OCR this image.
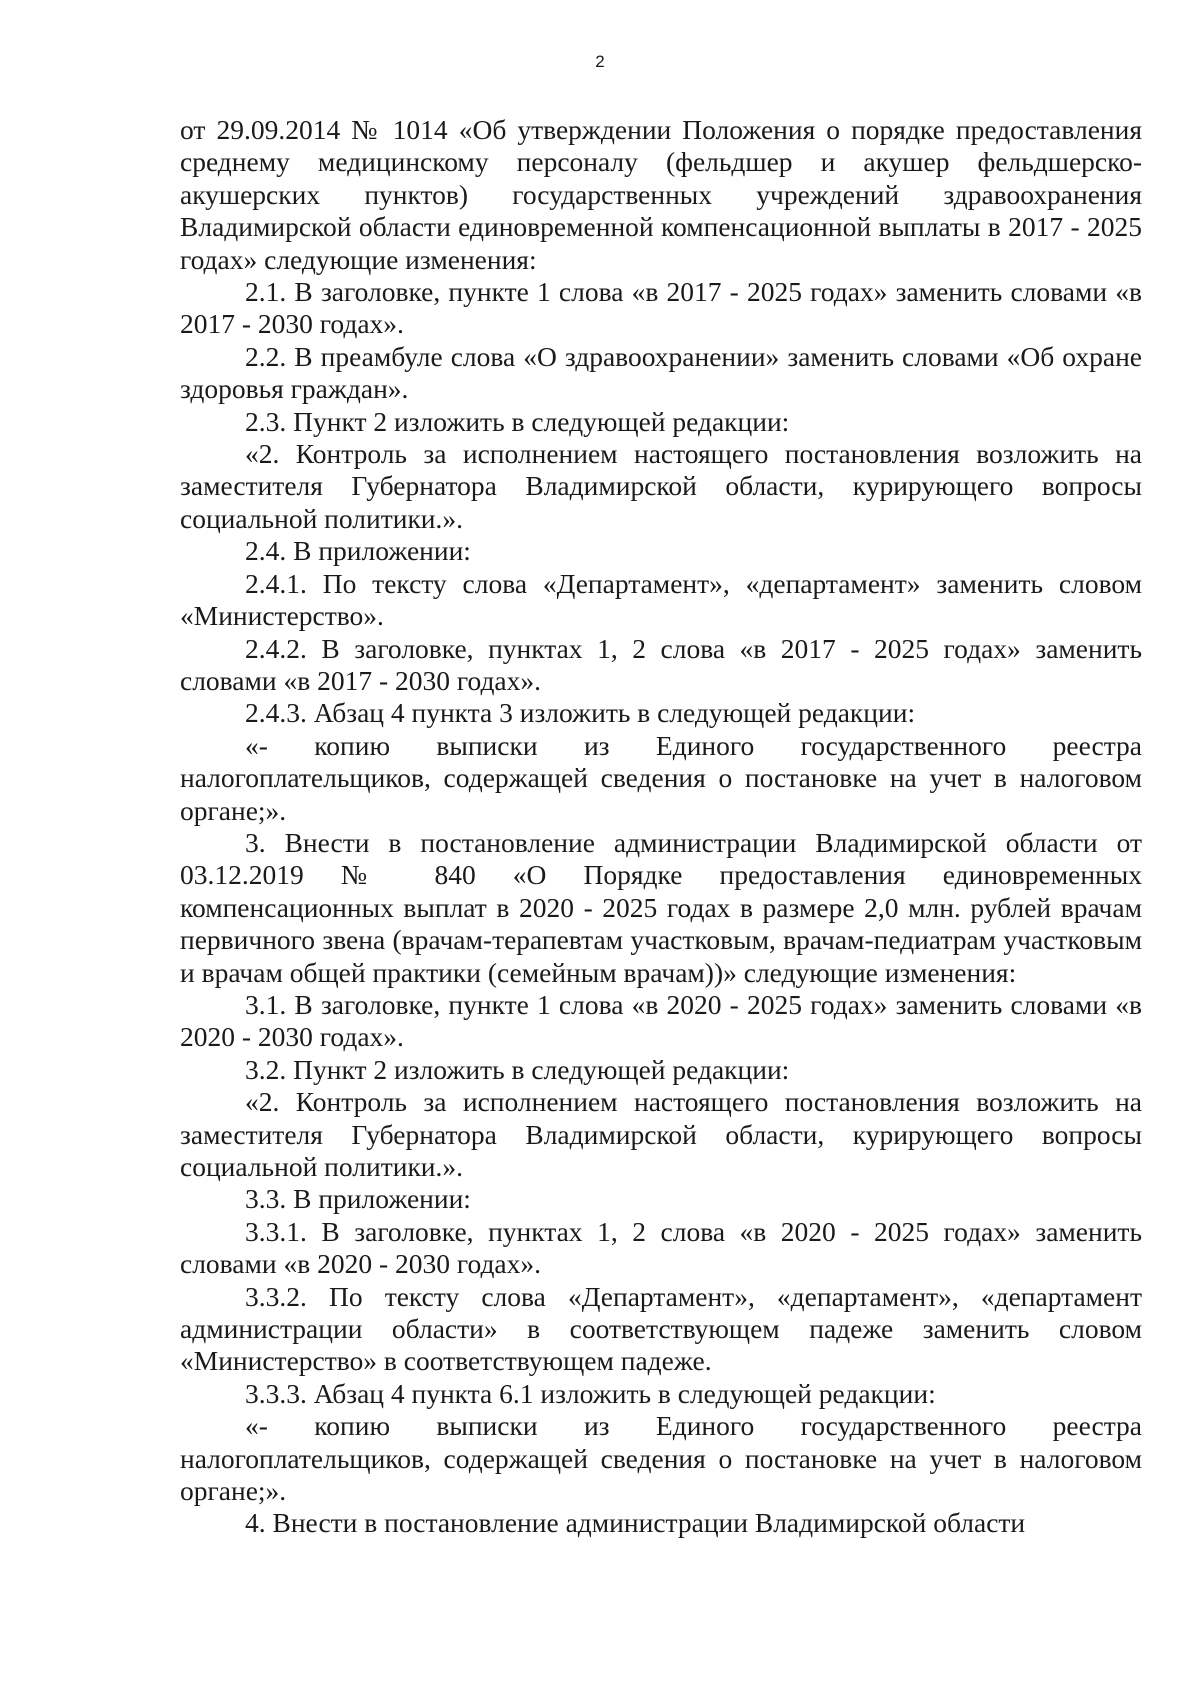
2

от 29.09.2014 № 1014 «Об утверждении Положения о порядке предоставления среднему медицинскому персоналу (фельдшер и акушер фельдшерско-акушерских пунктов) государственных учреждений здравоохранения Владимирской области единовременной компенсационной выплаты в 2017 - 2025 годах» следующие изменения:

2.1. В заголовке, пункте 1 слова «в 2017 - 2025 годах» заменить словами «в 2017 - 2030 годах».

2.2. В преамбуле слова «О здравоохранении» заменить словами «Об охране здоровья граждан».

2.3. Пункт 2 изложить в следующей редакции:

«2. Контроль за исполнением настоящего постановления возложить на заместителя Губернатора Владимирской области, курирующего вопросы социальной политики.».

2.4. В приложении:

2.4.1. По тексту слова «Департамент», «департамент» заменить словом «Министерство».

2.4.2. В заголовке, пунктах 1, 2 слова «в 2017 - 2025 годах» заменить словами «в 2017 - 2030 годах».

2.4.3. Абзац 4 пункта 3 изложить в следующей редакции:

«- копию выписки из Единого государственного реестра налогоплательщиков, содержащей сведения о постановке на учет в налоговом органе;».

3. Внести в постановление администрации Владимирской области от 03.12.2019 № 840 «О Порядке предоставления единовременных компенсационных выплат в 2020 - 2025 годах в размере 2,0 млн. рублей врачам первичного звена (врачам-терапевтам участковым, врачам-педиатрам участковым и врачам общей практики (семейным врачам))» следующие изменения:

3.1. В заголовке, пункте 1 слова «в 2020 - 2025 годах» заменить словами «в 2020 - 2030 годах».

3.2. Пункт 2 изложить в следующей редакции:

«2. Контроль за исполнением настоящего постановления возложить на заместителя Губернатора Владимирской области, курирующего вопросы социальной политики.».

3.3. В приложении:

3.3.1. В заголовке, пунктах 1, 2 слова «в 2020 - 2025 годах» заменить словами «в 2020 - 2030 годах».

3.3.2. По тексту слова «Департамент», «департамент», «департамент администрации области» в соответствующем падеже заменить словом «Министерство» в соответствующем падеже.

3.3.3. Абзац 4 пункта 6.1 изложить в следующей редакции:

«- копию выписки из Единого государственного реестра налогоплательщиков, содержащей сведения о постановке на учет в налоговом органе;».

4. Внести в постановление администрации Владимирской области
